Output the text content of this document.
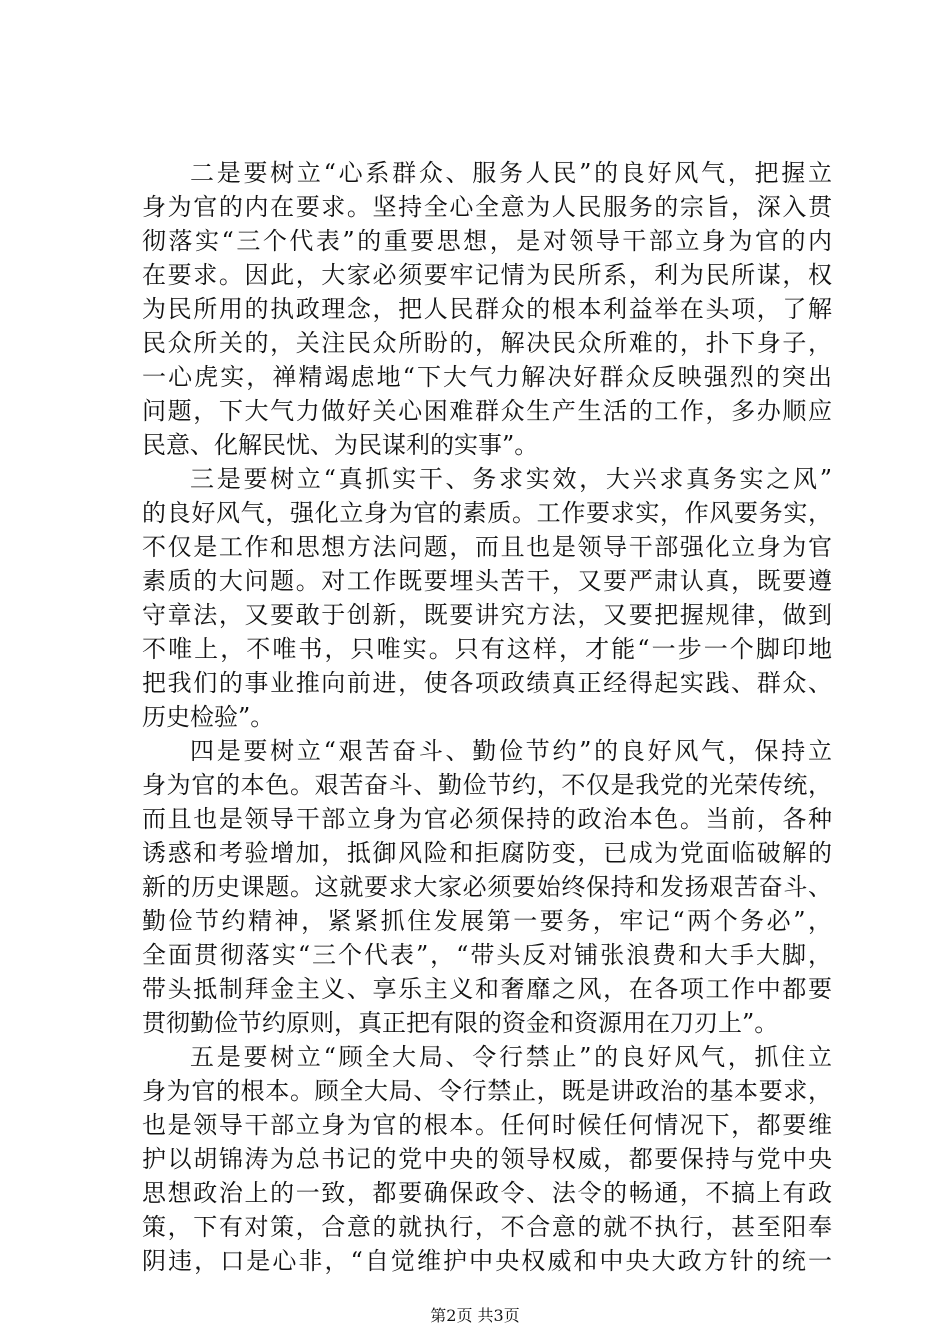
二是要树立“心系群众、服务人民”的良好风气，把握立
身为官的内在要求。坚持全心全意为人民服务的宗旨，深入贯
彻落实“三个代表”的重要思想，是对领导干部立身为官的内
在要求。因此，大家必须要牢记情为民所系，利为民所谋，权
为民所用的执政理念，把人民群众的根本利益举在头项，了解
民众所关的，关注民众所盼的，解决民众所难的，扑下身子，
一心虎实，禅精竭虑地“下大气力解决好群众反映强烈的突出
问题，下大气力做好关心困难群众生产生活的工作，多办顺应
民意、化解民忧、为民谋利的实事”。
三是要树立“真抓实干、务求实效，大兴求真务实之风”
的良好风气，强化立身为官的素质。工作要求实，作风要务实，
不仅是工作和思想方法问题，而且也是领导干部强化立身为官
素质的大问题。对工作既要埋头苦干，又要严肃认真，既要遵
守章法，又要敢于创新，既要讲究方法，又要把握规律，做到
不唯上，不唯书，只唯实。只有这样，才能“一步一个脚印地
把我们的事业推向前进，使各项政绩真正经得起实践、群众、
历史检验”。
四是要树立“艰苦奋斗、勤俭节约”的良好风气，保持立
身为官的本色。艰苦奋斗、勤俭节约，不仅是我党的光荣传统，
而且也是领导干部立身为官必须保持的政治本色。当前，各种
诱惑和考验增加，抵御风险和拒腐防变，已成为党面临破解的
新的历史课题。这就要求大家必须要始终保持和发扬艰苦奋斗、
勤俭节约精神，紧紧抓住发展第一要务，牢记“两个务必”，
全面贯彻落实“三个代表”，“带头反对铺张浪费和大手大脚，
带头抵制拜金主义、享乐主义和奢靡之风，在各项工作中都要
贯彻勤俭节约原则，真正把有限的资金和资源用在刀刃上”。
五是要树立“顾全大局、令行禁止”的良好风气，抓住立
身为官的根本。顾全大局、令行禁止，既是讲政治的基本要求，
也是领导干部立身为官的根本。任何时候任何情况下，都要维
护以胡锦涛为总书记的党中央的领导权威，都要保持与党中央
思想政治上的一致，都要确保政令、法令的畅通，不搞上有政
策，下有对策，合意的就执行，不合意的就不执行，甚至阳奉
阴违，口是心非，“自觉维护中央权威和中央大政方针的统一
第2页 共3页
